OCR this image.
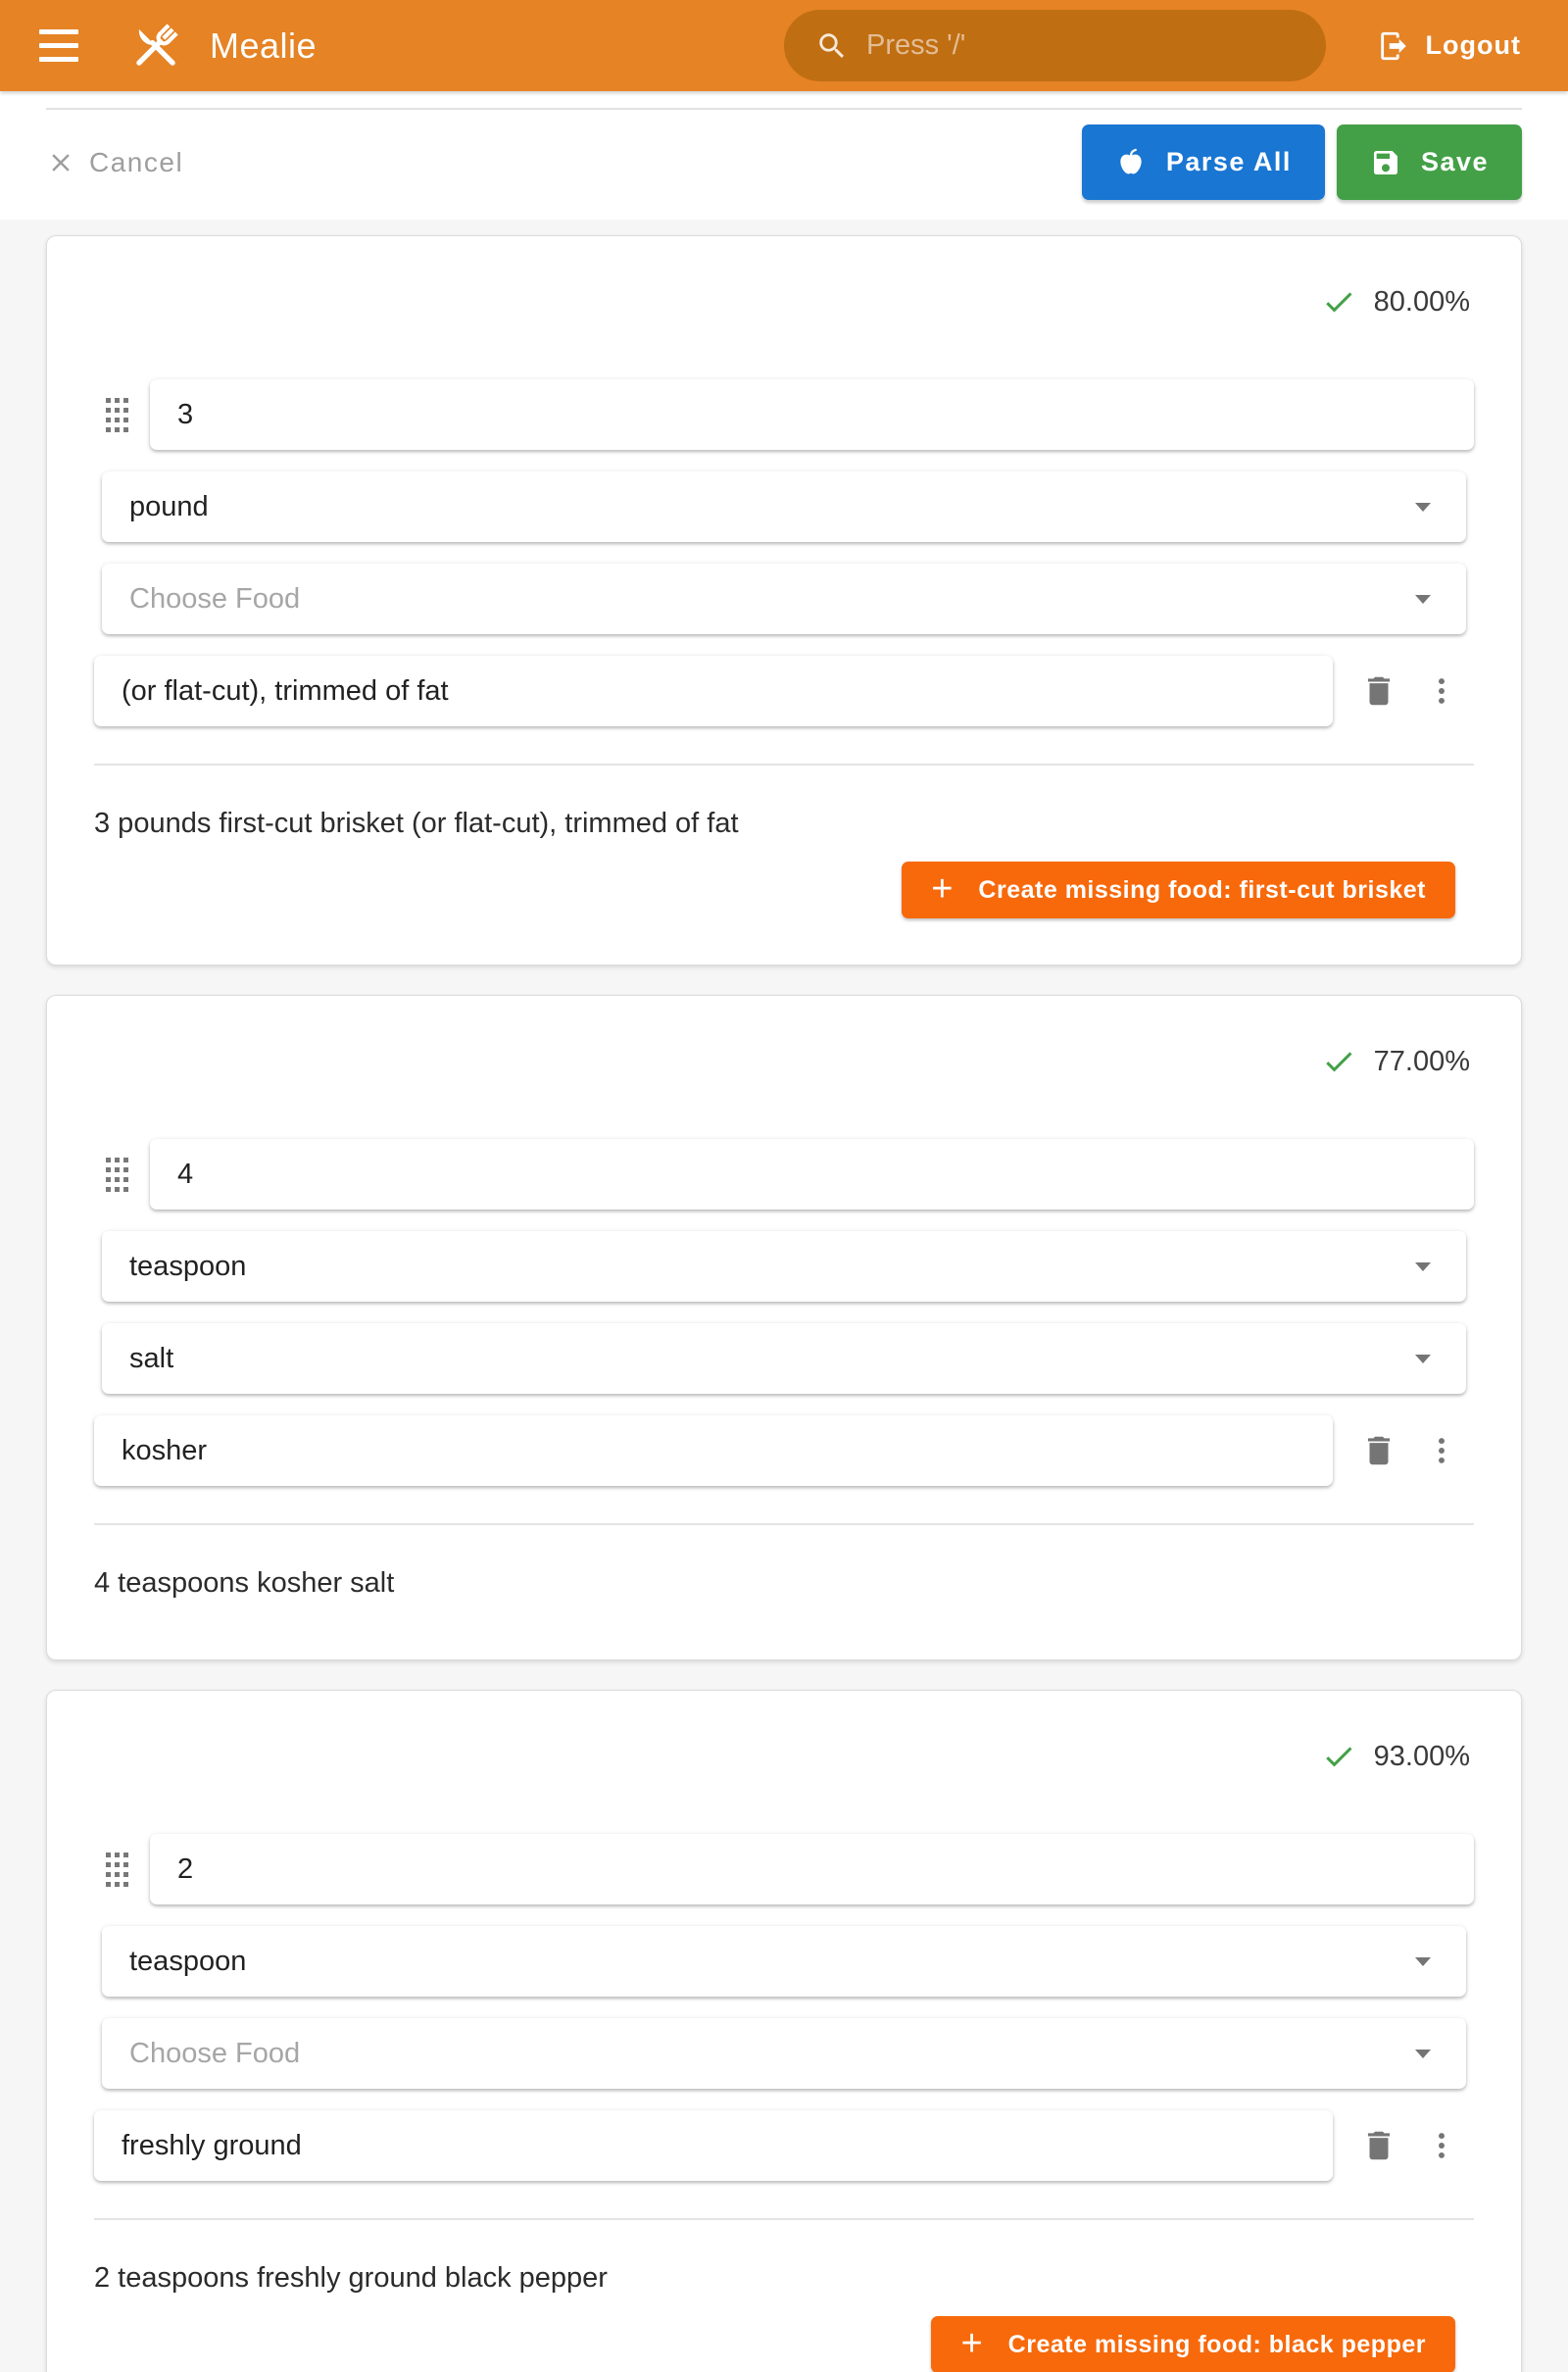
Mealie	Press '/'	Logout
Cancel	Parse All	Save
80.00%
3
pound
Choose Food
(or flat-cut), trimmed of fat
3 pounds first-cut brisket (or flat-cut), trimmed of fat
+ Create missing food: first-cut brisket
77.00%
4
teaspoon
salt
kosher
4 teaspoons kosher salt
93.00%
2
teaspoon
Choose Food
freshly ground
2 teaspoons freshly ground black pepper
+ Create missing food: black pepper
